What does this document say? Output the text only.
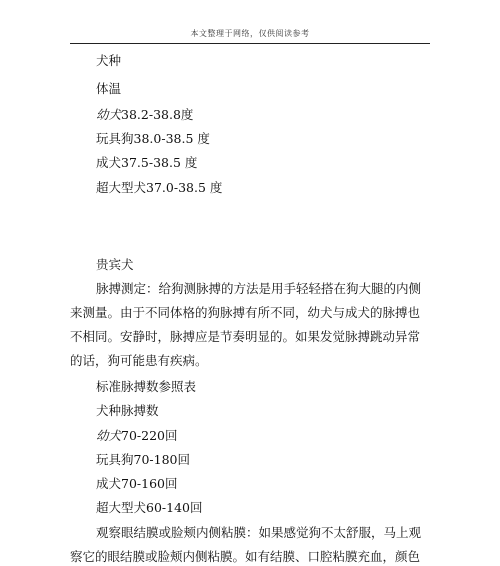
本文整理于网络，仅供阅读参考
犬种
体温
幼犬38.2-38.8度
玩具狗38.0-38.5 度
成犬37.5-38.5 度
超大型犬37.0-38.5 度
贵宾犬
脉搏测定：给狗测脉搏的方法是用手轻轻搭在狗大腿的内侧
来测量。由于不同体格的狗脉搏有所不同，幼犬与成犬的脉搏也
不相同。安静时，脉搏应是节奏明显的。如果发觉脉搏跳动异常
的话，狗可能患有疾病。
标准脉搏数参照表
犬种脉搏数
幼犬70-220回
玩具狗70-180回
成犬70-160回
超大型犬60-140回
观察眼结膜或脸颊内侧粘膜：如果感觉狗不太舒服，马上观
察它的眼结膜或脸颊内侧粘膜。如有结膜、口腔粘膜充血，颜色
